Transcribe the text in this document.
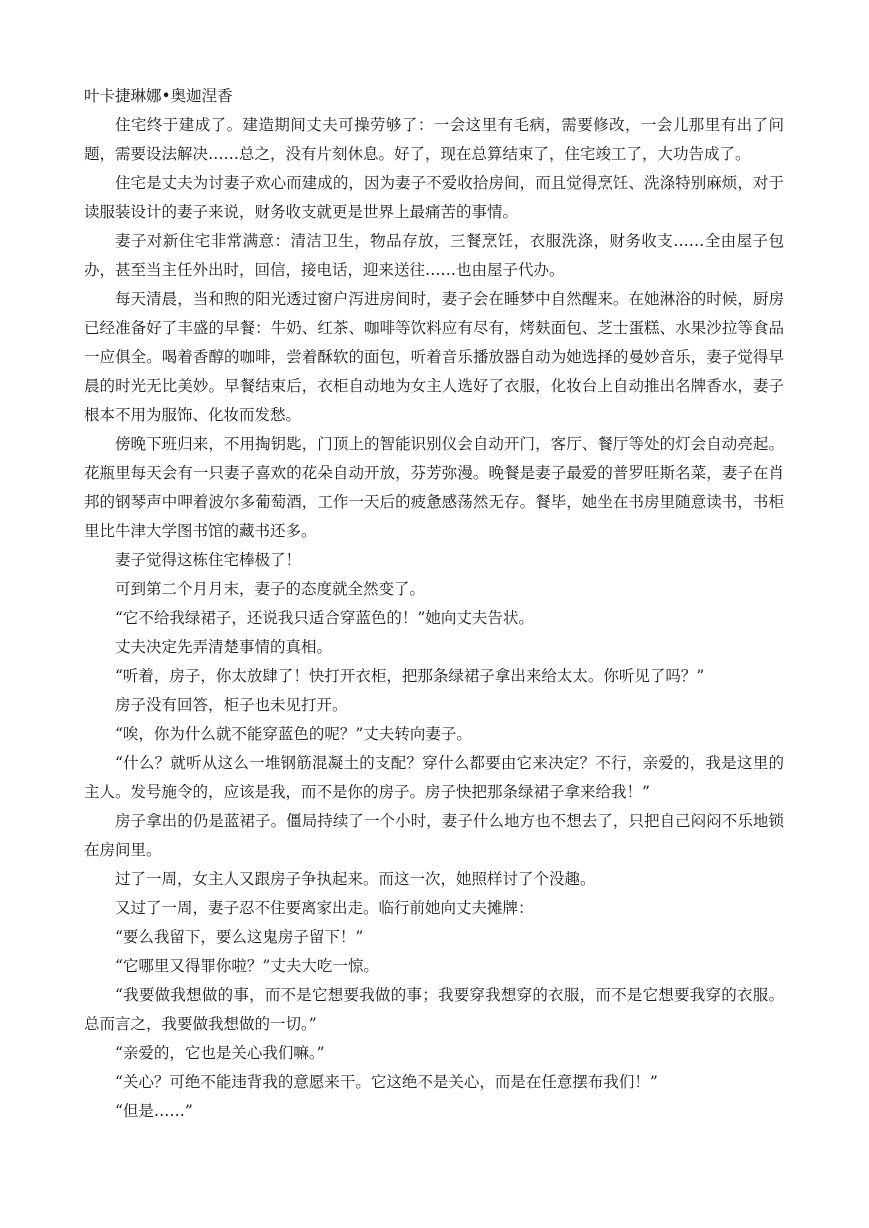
叶卡捷琳娜•奥迦涅香

住宅终于建成了。建造期间丈夫可操劳够了：一会这里有毛病，需要修改，一会儿那里有出了问题，需要设法解决……总之，没有片刻休息。好了，现在总算结束了，住宅竣工了，大功告成了。

住宅是丈夫为讨妻子欢心而建成的，因为妻子不爱收拾房间，而且觉得烹饪、洗涤特别麻烦，对于读服装设计的妻子来说，财务收支就更是世界上最痛苦的事情。

妻子对新住宅非常满意：清洁卫生，物品存放，三餐烹饪，衣服洗涤，财务收支……全由屋子包办，甚至当主任外出时，回信，接电话，迎来送往……也由屋子代办。

每天清晨，当和煦的阳光透过窗户泻进房间时，妻子会在睡梦中自然醒来。在她淋浴的时候，厨房已经准备好了丰盛的早餐：牛奶、红茶、咖啡等饮料应有尽有，烤麸面包、芝士蛋糕、水果沙拉等食品一应俱全。喝着香醇的咖啡，尝着酥软的面包，听着音乐播放器自动为她选择的曼妙音乐，妻子觉得早晨的时光无比美妙。早餐结束后，衣柜自动地为女主人选好了衣服，化妆台上自动推出名牌香水，妻子根本不用为服饰、化妆而发愁。

傍晚下班归来，不用掏钥匙，门顶上的智能识别仪会自动开门，客厅、餐厅等处的灯会自动亮起。花瓶里每天会有一只妻子喜欢的花朵自动开放，芬芳弥漫。晚餐是妻子最爱的普罗旺斯名菜，妻子在肖邦的钢琴声中呷着波尔多葡萄酒，工作一天后的疲惫感荡然无存。餐毕，她坐在书房里随意读书，书柜里比牛津大学图书馆的藏书还多。

妻子觉得这栋住宅棒极了！

可到第二个月月末，妻子的态度就全然变了。

“它不给我绿裙子，还说我只适合穿蓝色的！”她向丈夫告状。

丈夫决定先弄清楚事情的真相。

“听着，房子，你太放肆了！快打开衣柜，把那条绿裙子拿出来给太太。你听见了吗？”

房子没有回答，柜子也未见打开。

“唉，你为什么就不能穿蓝色的呢？”丈夫转向妻子。

“什么？就听从这么一堆钢筋混凝土的支配？穿什么都要由它来决定？不行，亲爱的，我是这里的主人。发号施令的，应该是我，而不是你的房子。房子快把那条绿裙子拿来给我！”

房子拿出的仍是蓝裙子。僵局持续了一个小时，妻子什么地方也不想去了，只把自己闷闷不乐地锁在房间里。

过了一周，女主人又跟房子争执起来。而这一次，她照样讨了个没趣。

又过了一周，妻子忍不住要离家出走。临行前她向丈夫摊牌：

“要么我留下，要么这鬼房子留下！”

“它哪里又得罪你啦？”丈夫大吃一惊。

“我要做我想做的事，而不是它想要我做的事；我要穿我想穿的衣服，而不是它想要我穿的衣服。总而言之，我要做我想做的一切。”

“亲爱的，它也是关心我们嘛。”

“关心？可绝不能违背我的意愿来干。它这绝不是关心，而是在任意摆布我们！”

“但是……”
